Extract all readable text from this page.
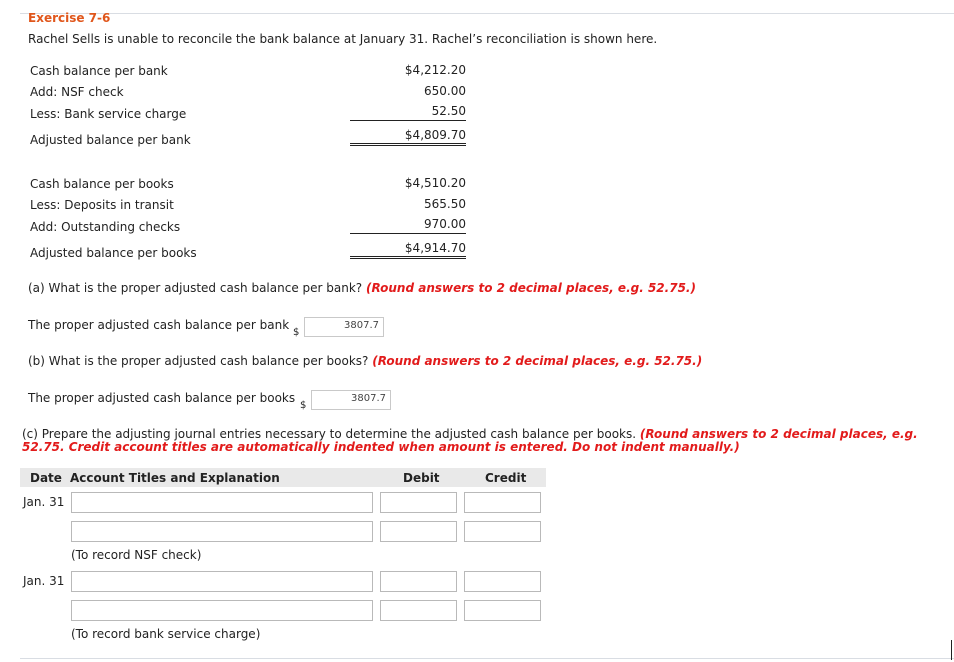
Exercise 7-6
Rachel Sells is unable to reconcile the bank balance at January 31. Rachel’s reconciliation is shown here.
Cash balance per bank	$4,212.20
Add: NSF check	650.00
Less: Bank service charge	52.50
Adjusted balance per bank	$4,809.70
Cash balance per books	$4,510.20
Less: Deposits in transit	565.50
Add: Outstanding checks	970.00
Adjusted balance per books	$4,914.70
(a) What is the proper adjusted cash balance per bank? (Round answers to 2 decimal places, e.g. 52.75.)
The proper adjusted cash balance per bank
$
3807.7
(b) What is the proper adjusted cash balance per books? (Round answers to 2 decimal places, e.g. 52.75.)
The proper adjusted cash balance per books
$
3807.7
(c) Prepare the adjusting journal entries necessary to determine the adjusted cash balance per books. (Round answers to 2 decimal places, e.g. 52.75. Credit account titles are automatically indented when amount is entered. Do not indent manually.)
Date Account Titles and Explanation	Debit	Credit
Jan. 31
(To record NSF check)
Jan. 31
(To record bank service charge)
